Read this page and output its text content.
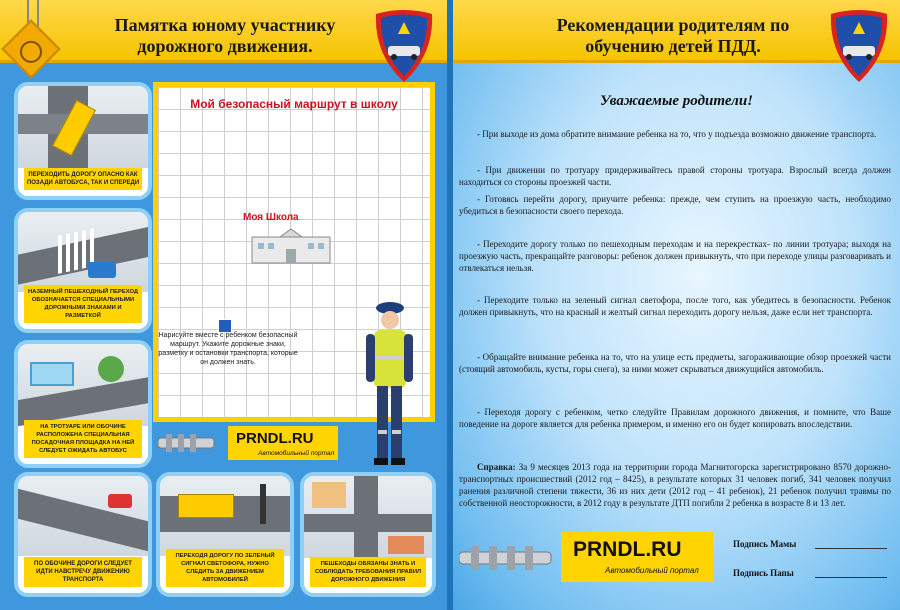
Памятка юному участнику дорожного движения.
ПЕРЕХОДИТЬ ДОРОГУ ОПАСНО КАК ПОЗАДИ АВТОБУСА, ТАК И СПЕРЕДИ
НАЗЕМНЫЙ ПЕШЕХОДНЫЙ ПЕРЕХОД ОБОЗНАЧАЕТСЯ СПЕЦИАЛЬНЫМИ ДОРОЖНЫМИ ЗНАКАМИ И РАЗМЕТКОЙ
НА ТРОТУАРЕ ИЛИ ОБОЧИНЕ РАСПОЛОЖЕНА СПЕЦИАЛЬНАЯ ПОСАДОЧНАЯ ПЛОЩАДКА НА НЕЙ СЛЕДУЕТ ОЖИДАТЬ АВТОБУС
ПО ОБОЧИНЕ ДОРОГИ СЛЕДУЕТ ИДТИ НАВСТРЕЧУ ДВИЖЕНИЮ ТРАНСПОРТА
ПЕРЕХОДЯ ДОРОГУ ПО ЗЕЛЕНЫЙ СИГНАЛ СВЕТОФОРА, НУЖНО СЛЕДИТЬ ЗА ДВИЖЕНИЕМ АВТОМОБИЛЕЙ
ПЕШЕХОДЫ ОБЯЗАНЫ ЗНАТЬ И СОБЛЮДАТЬ ТРЕБОВАНИЯ ПРАВИЛ ДОРОЖНОГО ДВИЖЕНИЯ
Мой безопасный маршрут в школу
Моя Школа
Нарисуйте вместе с ребенком безопасный маршрут. Укажите дорожные знаки, разметку и остановки транспорта, которые он должен знать.
PRNDL.RU
Автомобильный портал
Рекомендации родителям по обучению детей ПДД.
Уважаемые родители!
- При выходе из дома обратите внимание ребенка на то, что у подъезда возможно движение транспорта.
- При движении по тротуару придерживайтесь правой стороны тротуара. Взрослый всегда должен находиться со стороны проезжей части.
- Готовясь перейти дорогу, приучите ребенка: прежде, чем ступить на проезжую часть, необходимо убедиться в безопасности своего перехода.
- Переходите дорогу только по пешеходным переходам и на перекрестках- по линии тротуара; выходя на проезжую часть, прекращайте разговоры: ребенок должен привыкнуть, что при переходе улицы разговаривать и отвлекаться нельзя.
- Переходите только на зеленый сигнал светофора, после того, как убедитесь в безопасности. Ребенок должен привыкнуть, что на красный и желтый сигнал переходить дорогу нельзя, даже если нет транспорта.
- Обращайте внимание ребенка на то, что на улице есть предметы, загораживающие обзор проезжей части (стоящий автомобиль, кусты, горы снега), за ними может скрываться движущийся автомобиль.
- Переходя дорогу с ребенком, четко следуйте Правилам дорожного движения, и помните, что Ваше поведение на дороге является для ребенка примером, и именно его он будет копировать впоследствии.
Справка: За 9 месяцев 2013 года на территории города Магнитогорска зарегистрировано 8570 дорожно-транспортных происшествий (2012 год – 8425), в результате которых 31 человек погиб, 341 человек получил ранения различной степени тяжести, 36 из них дети (2012 год – 41 ребенок), 21 ребенок получил травмы по собственной неосторожности, в 2012 году в результате ДТП погибли 2 ребенка в возрасте 8 и 13 лет.
PRNDL.RU
Автомобильный портал
Подпись Мамы
Подпись Папы
